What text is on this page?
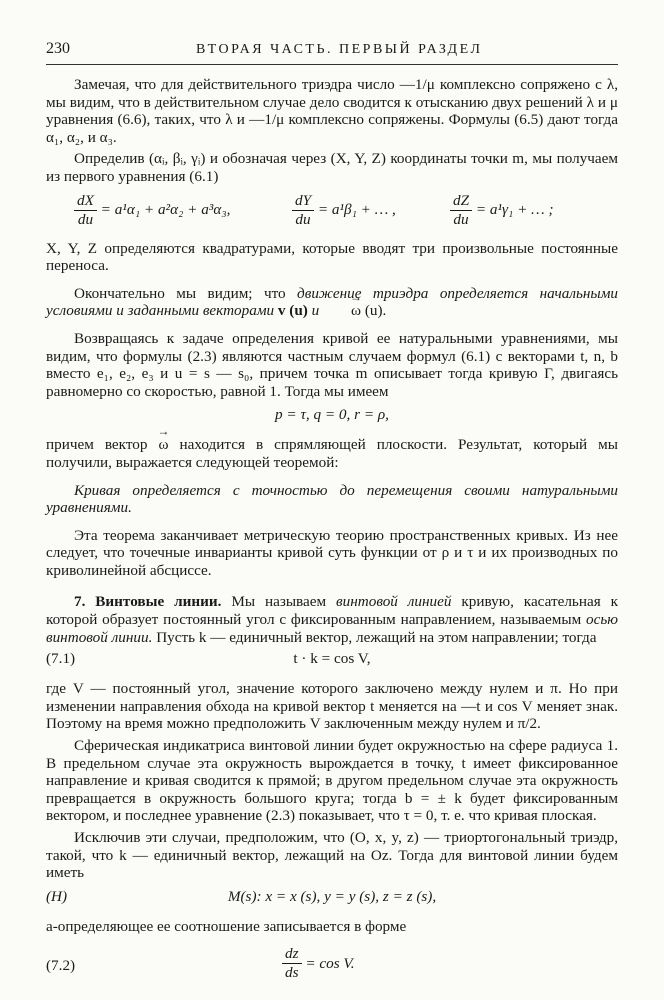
230	ВТОРАЯ ЧАСТЬ. ПЕРВЫЙ РАЗДЕЛ

Замечая, что для действительного триэдра число —1/μ комплексно сопряжено с λ, мы видим, что в действительном случае дело сводится к отысканию двух решений λ и μ уравнения (6.6), таких, что λ и —1/μ комплексно сопряжены. Формулы (6.5) дают тогда α₁, α₂, и α₃.

Определив (αᵢ, βᵢ, γᵢ) и обозначая через (X, Y, Z) координаты точки m, мы получаем из первого уравнения (6.1)

$\frac{dX}{du} = a^1\alpha_1 + a^2\alpha_2 + a^3\alpha_3$,	$\frac{dY}{du} = a^1\beta_1$ + … ,	$\frac{dZ}{du} = a^1\gamma_1$ + … ;

X, Y, Z определяются квадратурами, которые вводят три произвольные постоянные переноса.

Окончательно мы видим; что движение триэдра определяется начальными условиями и заданными векторами v (u) и → ω (u).

Возвращаясь к задаче определения кривой ее натуральными уравнениями, мы видим, что формулы (2.3) являются частным случаем формул (6.1) с векторами t, n, b вместо e₁, e₂, e₃ и u = s — s₀, причем точка m описывает тогда кривую Γ, двигаясь равномерно со скоростью, равной 1. Тогда мы имеем

p = τ, q = 0, r = ρ,

причем вектор → ω находится в спрямляющей плоскости. Результат, который мы получили, выражается следующей теоремой:

Кривая определяется с точностью до перемещения своими натуральными уравнениями.

Эта теорема заканчивает метрическую теорию пространственных кривых. Из нее следует, что точечные инварианты кривой суть функции от ρ и τ и их производных по криволинейной абсциссе.

7. Винтовые линии. Мы называем винтовой линией кривую, касательная к которой образует постоянный угол с фиксированным направлением, называемым осью винтовой линии. Пусть k — единичный вектор, лежащий на этом направлении; тогда

(7.1)	t · k = cos V,

где V — постоянный угол, значение которого заключено между нулем и π. Но при изменении направления обхода на кривой вектор t меняется на —t и cos V меняет знак. Поэтому на время можно предположить V заключенным между нулем и π/2.

Сферическая индикатриса винтовой линии будет окружностью на сфере радиуса 1. В предельном случае эта окружность вырождается в точку, t имеет фиксированное направление и кривая сводится к прямой; в другом предельном случае эта окружность превращается в окружность большого круга; тогда b = ± k будет фиксированным вектором, и последнее уравнение (2.3) показывает, что τ = 0, т. е. что кривая плоская.

Исключив эти случаи, предположим, что (O, x, y, z) — триортогональный триэдр, такой, что k — единичный вектор, лежащий на Oz. Тогда для винтовой линии будем иметь

(H)	M(s): x = x (s), y = y (s), z = z (s),

а-определяющее ее соотношение записывается в форме

(7.2)	$\frac{dz}{ds} = \cos V$.
